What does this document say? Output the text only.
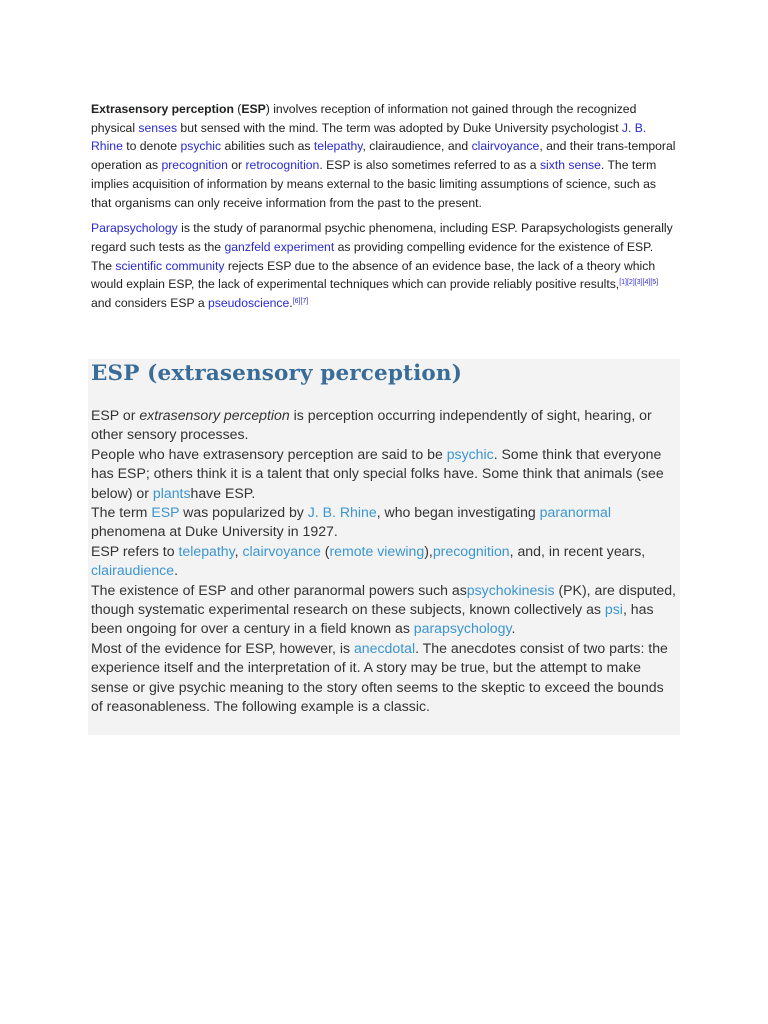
Extrasensory perception (ESP) involves reception of information not gained through the recognized physical senses but sensed with the mind. The term was adopted by Duke University psychologist J. B. Rhine to denote psychic abilities such as telepathy, clairaudience, and clairvoyance, and their trans-temporal operation as precognition or retrocognition. ESP is also sometimes referred to as a sixth sense. The term implies acquisition of information by means external to the basic limiting assumptions of science, such as that organisms can only receive information from the past to the present.

Parapsychology is the study of paranormal psychic phenomena, including ESP. Parapsychologists generally regard such tests as the ganzfeld experiment as providing compelling evidence for the existence of ESP. The scientific community rejects ESP due to the absence of an evidence base, the lack of a theory which would explain ESP, the lack of experimental techniques which can provide reliably positive results,[1][2][3][4][5] and considers ESP a pseudoscience.[6][7]

ESP (extrasensory perception)
ESP or extrasensory perception is perception occurring independently of sight, hearing, or other sensory processes.
People who have extrasensory perception are said to be psychic. Some think that everyone has ESP; others think it is a talent that only special folks have. Some think that animals (see below) or plantshave ESP.
The term ESP was popularized by J. B. Rhine, who began investigating paranormal phenomena at Duke University in 1927.
ESP refers to telepathy, clairvoyance (remote viewing),precognition, and, in recent years, clairaudience.
The existence of ESP and other paranormal powers such aspsychokinesis (PK), are disputed, though systematic experimental research on these subjects, known collectively as psi, has been ongoing for over a century in a field known as parapsychology.
Most of the evidence for ESP, however, is anecdotal. The anecdotes consist of two parts: the experience itself and the interpretation of it. A story may be true, but the attempt to make sense or give psychic meaning to the story often seems to the skeptic to exceed the bounds of reasonableness. The following example is a classic.
